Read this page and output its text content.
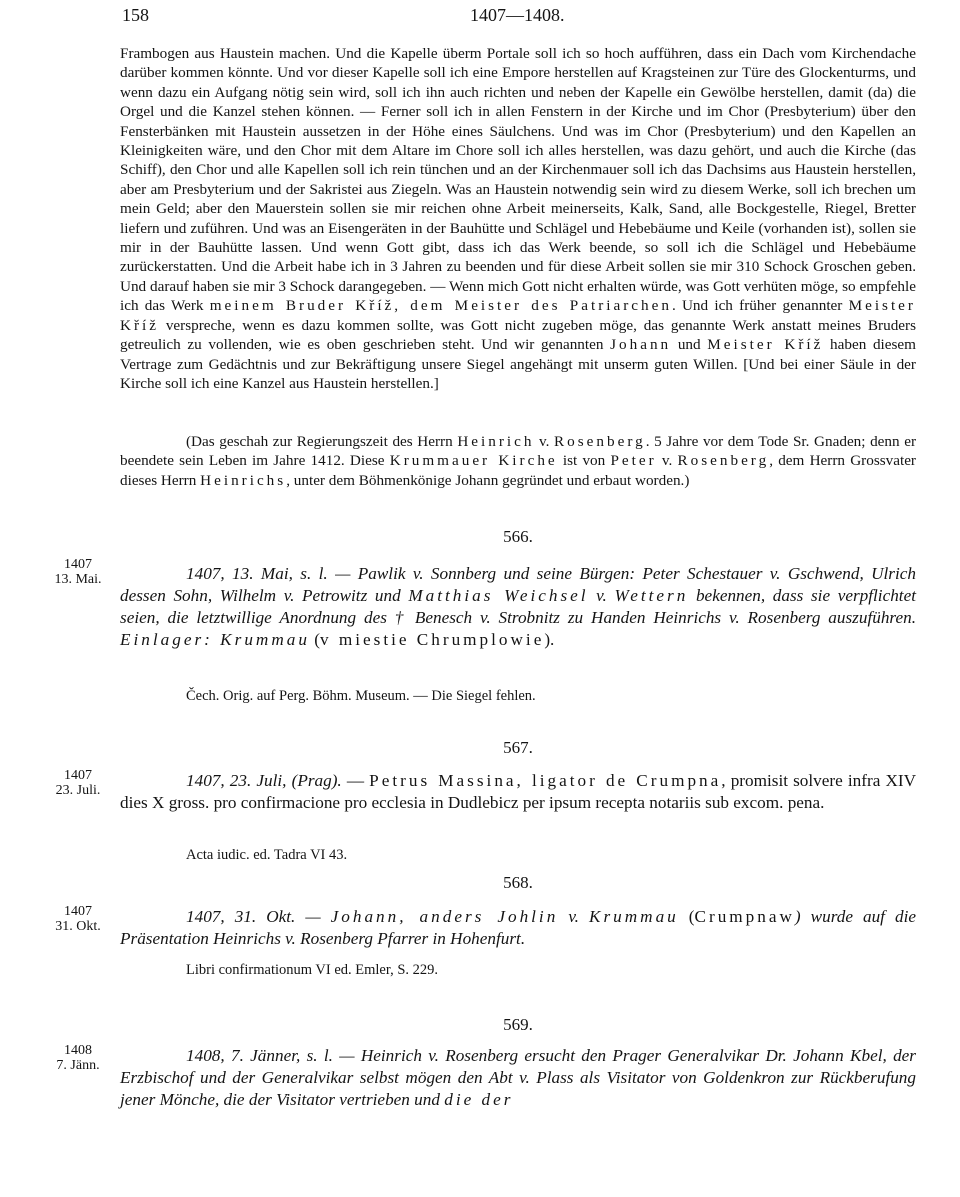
158	1407—1408.

Frambogen aus Haustein machen. Und die Kapelle überm Portale soll ich so hoch aufführen, dass ein Dach vom Kirchendache darüber kommen könnte. Und vor dieser Kapelle soll ich eine Empore herstellen auf Kragsteinen zur Türe des Glockenturms, und wenn dazu ein Aufgang nötig sein wird, soll ich ihn auch richten und neben der Kapelle ein Gewölbe herstellen, damit (da) die Orgel und die Kanzel stehen können. — Ferner soll ich in allen Fenstern in der Kirche und im Chor (Presbyterium) über den Fensterbänken mit Haustein aussetzen in der Höhe eines Säulchens. Und was im Chor (Presbyterium) und den Kapellen an Kleinigkeiten wäre, und den Chor mit dem Altare im Chore soll ich alles herstellen, was dazu gehört, und auch die Kirche (das Schiff), den Chor und alle Kapellen soll ich rein tünchen und an der Kirchenmauer soll ich das Dachsims aus Haustein herstellen, aber am Presbyterium und der Sakristei aus Ziegeln. Was an Haustein notwendig sein wird zu diesem Werke, soll ich brechen um mein Geld; aber den Mauerstein sollen sie mir reichen ohne Arbeit meinerseits, Kalk, Sand, alle Bockgestelle, Riegel, Bretter liefern und zuführen. Und was an Eisengeräten in der Bauhütte und Schlägel und Hebebäume und Keile (vorhanden ist), sollen sie mir in der Bauhütte lassen. Und wenn Gott gibt, dass ich das Werk beende, so soll ich die Schlägel und Hebebäume zurückerstatten. Und die Arbeit habe ich in 3 Jahren zu beenden und für diese Arbeit sollen sie mir 310 Schock Groschen geben. Und darauf haben sie mir 3 Schock darangegeben. — Wenn mich Gott nicht erhalten würde, was Gott verhüten möge, so empfehle ich das Werk meinem Bruder Kříž, dem Meister des Patriarchen. Und ich früher genannter Meister Kříž verspreche, wenn es dazu kommen sollte, was Gott nicht zugeben möge, das genannte Werk anstatt meines Bruders getreulich zu vollenden, wie es oben geschrieben steht. Und wir genannten Johann und Meister Kříž haben diesem Vertrage zum Gedächtnis und zur Bekräftigung unsere Siegel angehängt mit unserm guten Willen. [Und bei einer Säule in der Kirche soll ich eine Kanzel aus Haustein herstellen.]

(Das geschah zur Regierungszeit des Herrn Heinrich v. Rosenberg. 5 Jahre vor dem Tode Sr. Gnaden; denn er beendete sein Leben im Jahre 1412. Diese Krummauer Kirche ist von Peter v. Rosenberg, dem Herrn Grossvater dieses Herrn Heinrichs, unter dem Böhmenkönige Johann gegründet und erbaut worden.)

566.
1407
13. Mai.	1407, 13. Mai, s. l. — Pawlik v. Sonnberg und seine Bürgen: Peter Schestauer v. Gschwend, Ulrich dessen Sohn, Wilhelm v. Petrowitz und Matthias Weichsel v. Wettern bekennen, dass sie verpflichtet seien, die letztwillige Anordnung des † Benesch v. Strobnitz zu Handen Heinrichs v. Rosenberg auszuführen. Einlager: Krummau (v miestie Chrumplowie).

Čech. Orig. auf Perg. Böhm. Museum. — Die Siegel fehlen.
567.
1407
23. Juli.

1407, 23. Juli, (Prag). — Petrus Massina, ligator de Crumpna, promisit solvere infra XIV dies X gross. pro confirmacione pro ecclesia in Dudlebicz per ipsum recepta notariis sub excom. pena.

Acta iudic. ed. Tadra VI 43.
568.
1407
31. Okt.

1407, 31. Okt. — Johann, anders Johlin v. Krummau (Crumpnaw) wurde auf die Präsentation Heinrichs v. Rosenberg Pfarrer in Hohenfurt.

Libri confirmationum VI ed. Emler, S. 229.
569.
1408
7. Jänn.

1408, 7. Jänner, s. l. — Heinrich v. Rosenberg ersucht den Prager Generalvikar Dr. Johann Kbel, der Erzbischof und der Generalvikar selbst mögen den Abt v. Plass als Visitator von Goldenkron zur Rückberufung jener Mönche, die der Visitator vertrieben und die der
